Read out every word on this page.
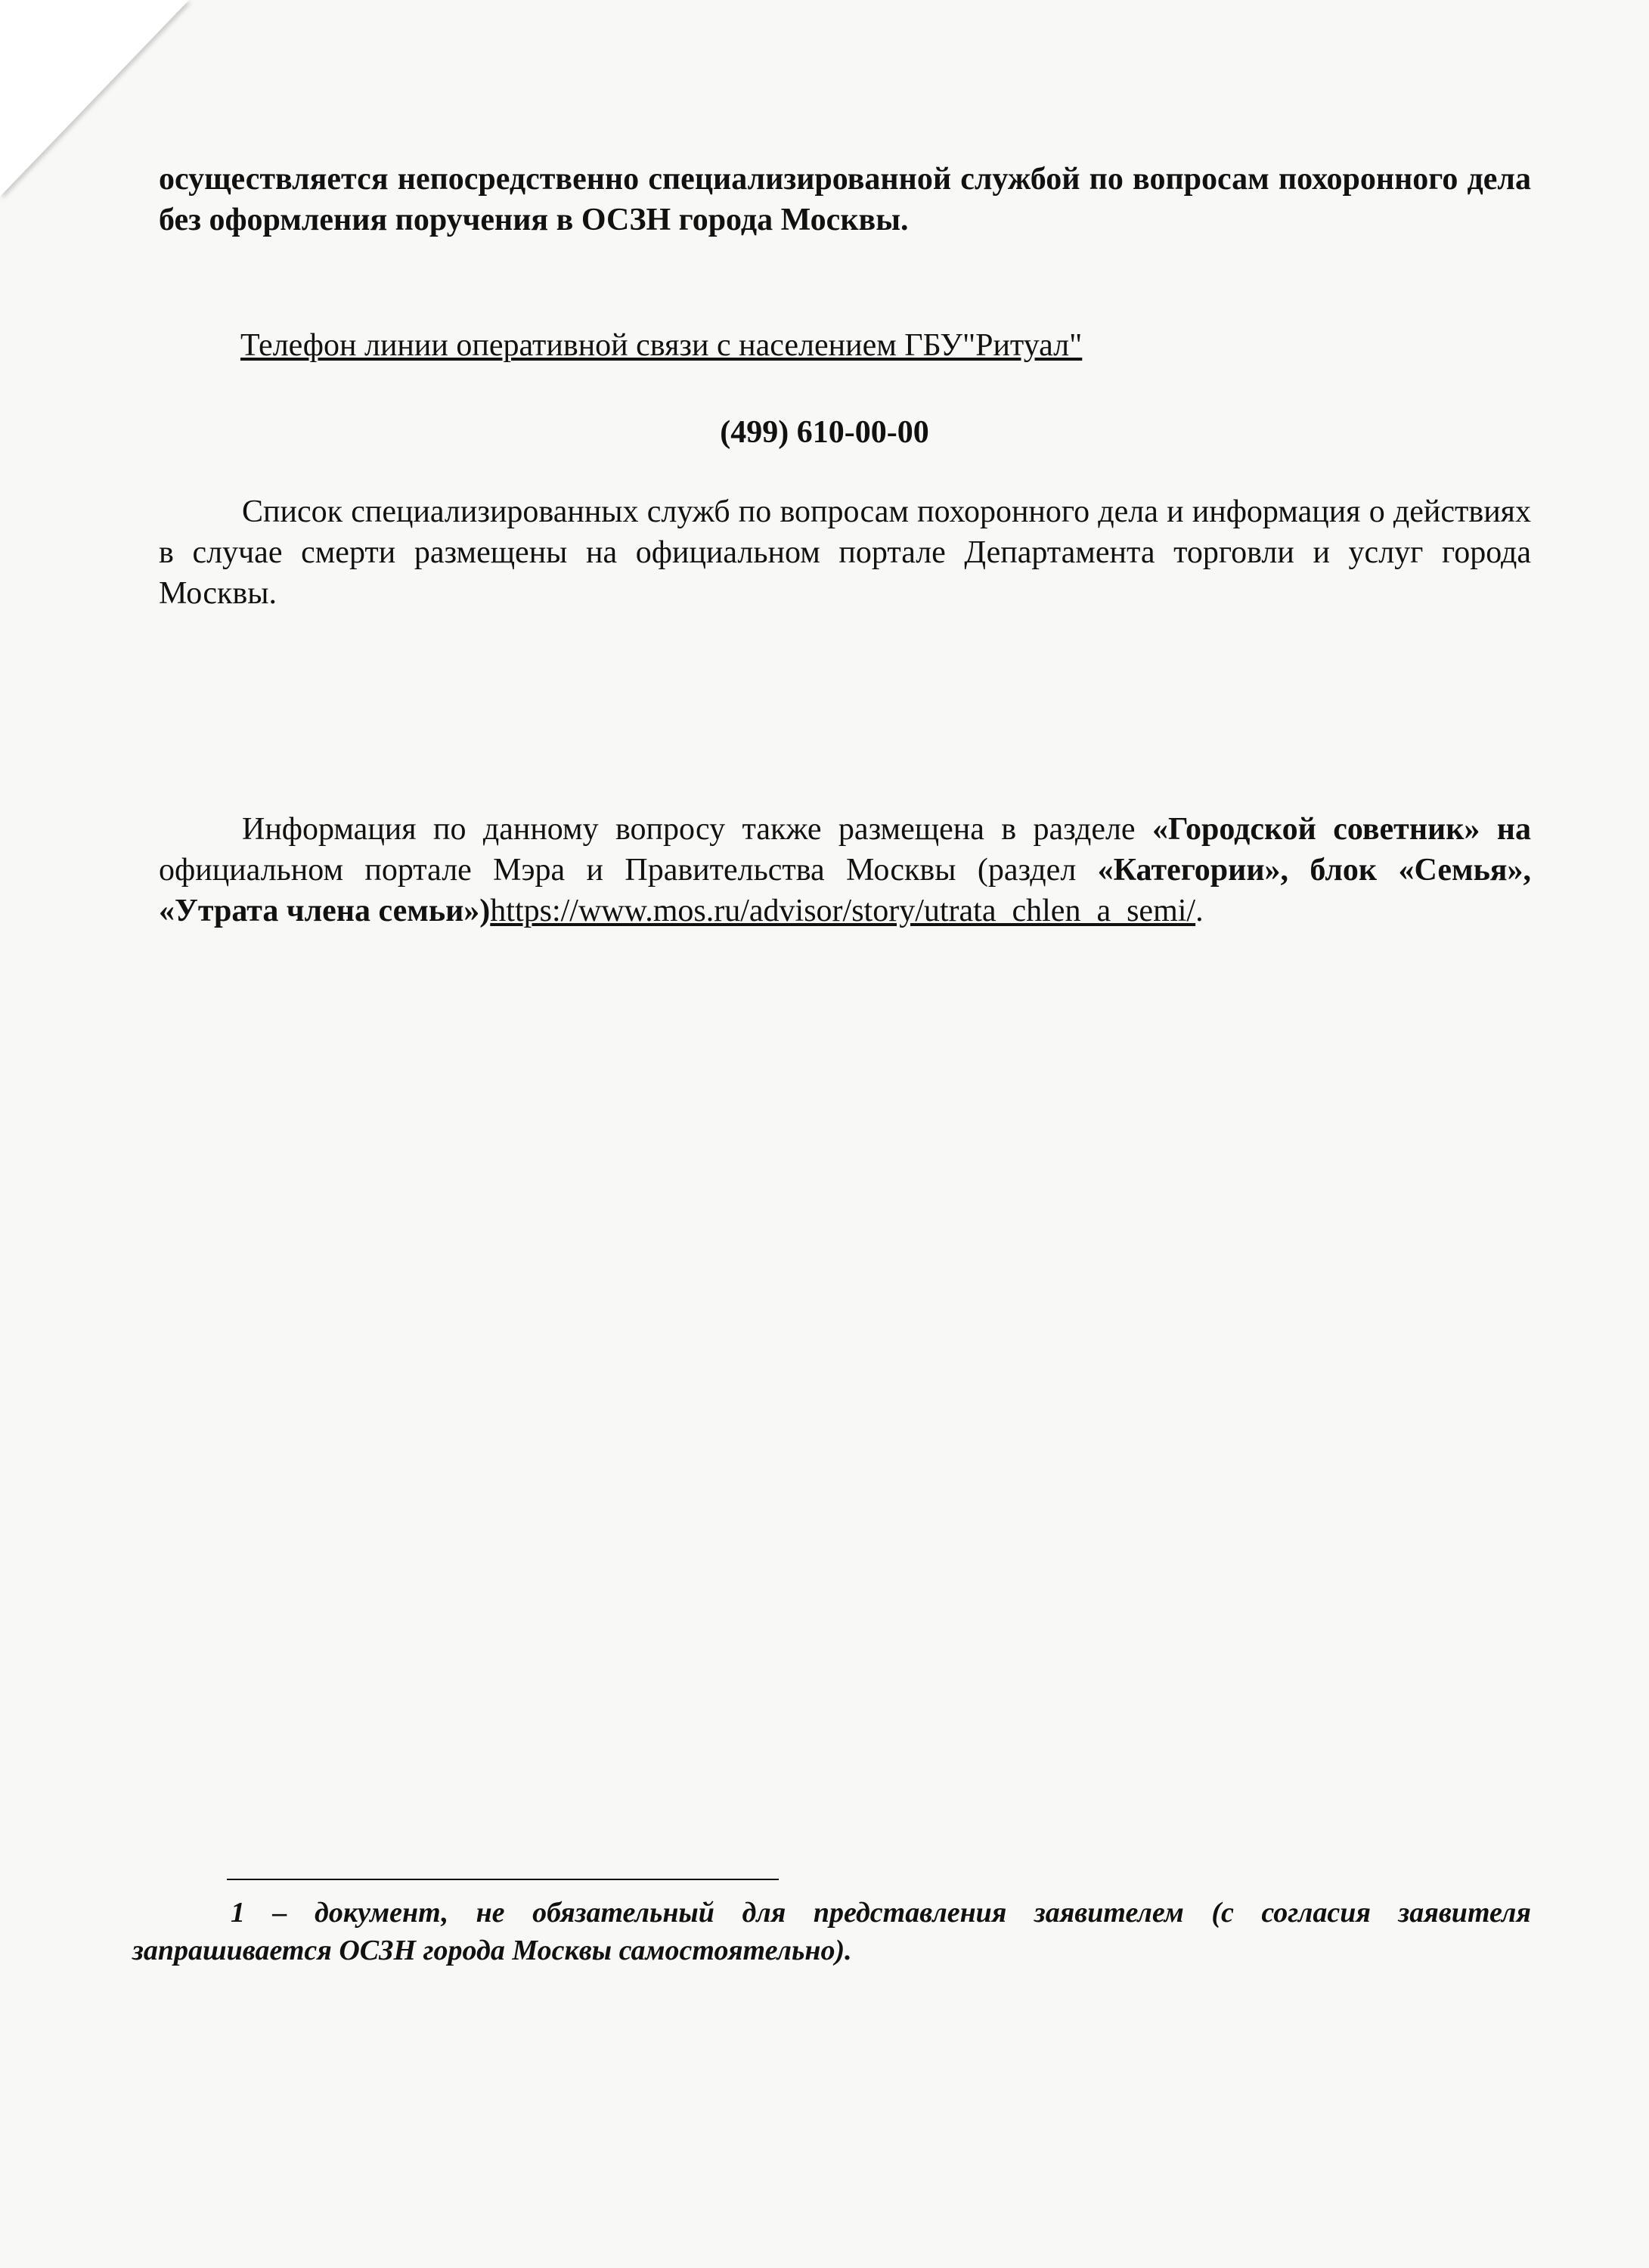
осуществляется непосредственно специализированной службой по вопросам похоронного дела без оформления поручения в ОСЗН города Москвы.

Телефон линии оперативной связи с населением ГБУ"Ритуал"
(499) 610-00-00

Список специализированных служб по вопросам похоронного дела и информация о действиях в случае смерти размещены на официальном портале Департамента торговли и услуг города Москвы.

Информация по данному вопросу также размещена в разделе «Городской советник» на официальном портале Мэра и Правительства Москвы (раздел «Категории», блок «Семья», «Утрата члена семьи»)https://www.mos.ru/advisor/story/utrata_chlen_a_semi/.

1 – документ, не обязательный для представления заявителем (с согласия заявителя запрашивается ОСЗН города Москвы самостоятельно).
